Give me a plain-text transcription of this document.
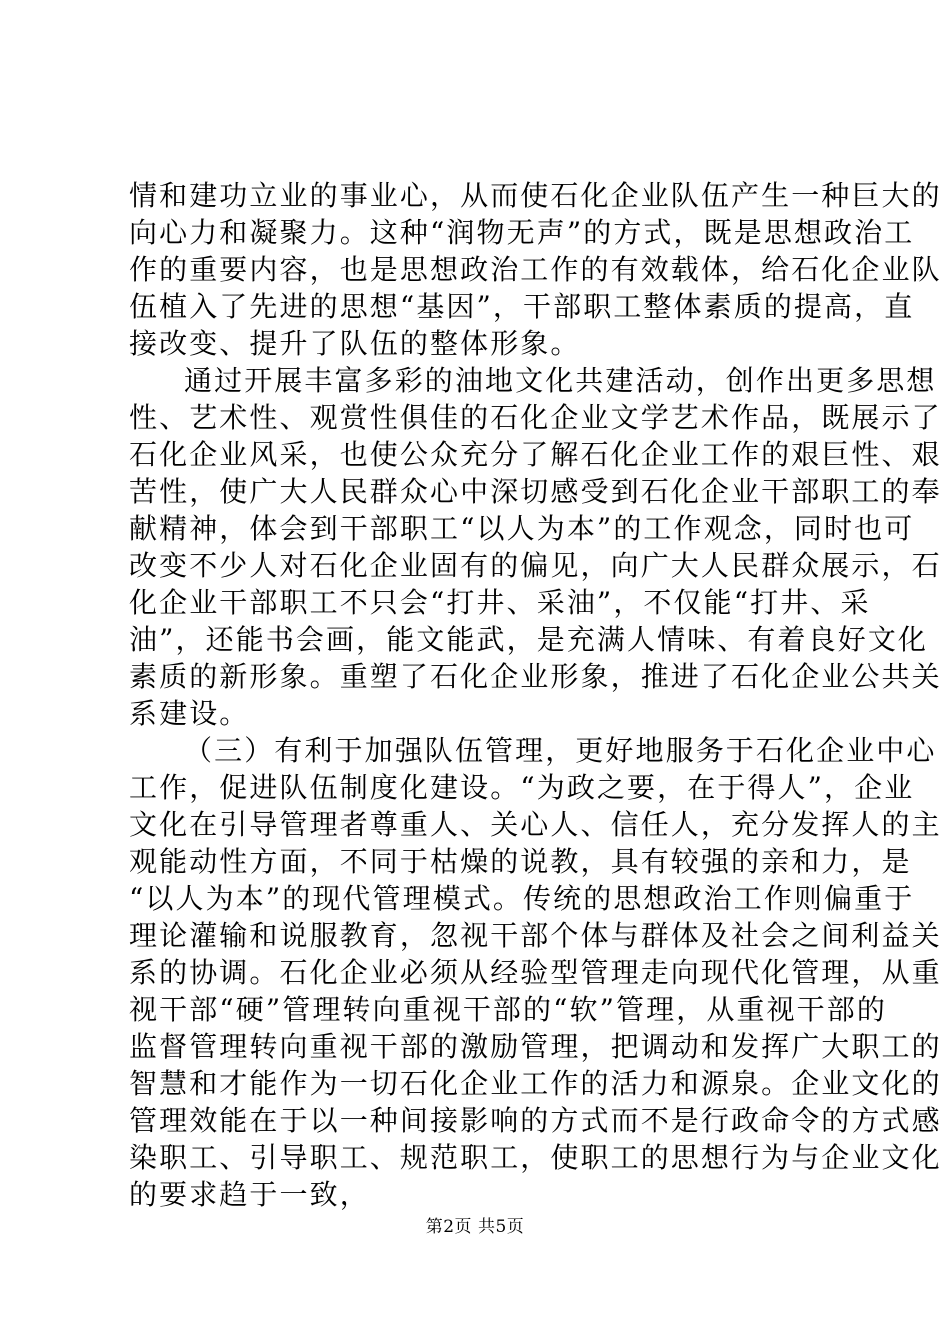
情和建功立业的事业心，从而使石化企业队伍产生一种巨大的
向心力和凝聚力。这种“润物无声”的方式，既是思想政治工
作的重要内容，也是思想政治工作的有效载体，给石化企业队
伍植入了先进的思想“基因”，干部职工整体素质的提高，直
接改变、提升了队伍的整体形象。
通过开展丰富多彩的油地文化共建活动，创作出更多思想
性、艺术性、观赏性俱佳的石化企业文学艺术作品，既展示了
石化企业风采，也使公众充分了解石化企业工作的艰巨性、艰
苦性，使广大人民群众心中深切感受到石化企业干部职工的奉
献精神，体会到干部职工“以人为本”的工作观念，同时也可
改变不少人对石化企业固有的偏见，向广大人民群众展示，石
化企业干部职工不只会“打井、采油”，不仅能“打井、采
油”，还能书会画，能文能武，是充满人情味、有着良好文化
素质的新形象。重塑了石化企业形象，推进了石化企业公共关
系建设。
（三）有利于加强队伍管理，更好地服务于石化企业中心
工作，促进队伍制度化建设。“为政之要，在于得人”，企业
文化在引导管理者尊重人、关心人、信任人，充分发挥人的主
观能动性方面，不同于枯燥的说教，具有较强的亲和力，是
“以人为本”的现代管理模式。传统的思想政治工作则偏重于
理论灌输和说服教育，忽视干部个体与群体及社会之间利益关
系的协调。石化企业必须从经验型管理走向现代化管理，从重
视干部“硬”管理转向重视干部的“软”管理，从重视干部的
监督管理转向重视干部的激励管理，把调动和发挥广大职工的
智慧和才能作为一切石化企业工作的活力和源泉。企业文化的
管理效能在于以一种间接影响的方式而不是行政命令的方式感
染职工、引导职工、规范职工，使职工的思想行为与企业文化
的要求趋于一致，
第2页 共5页
